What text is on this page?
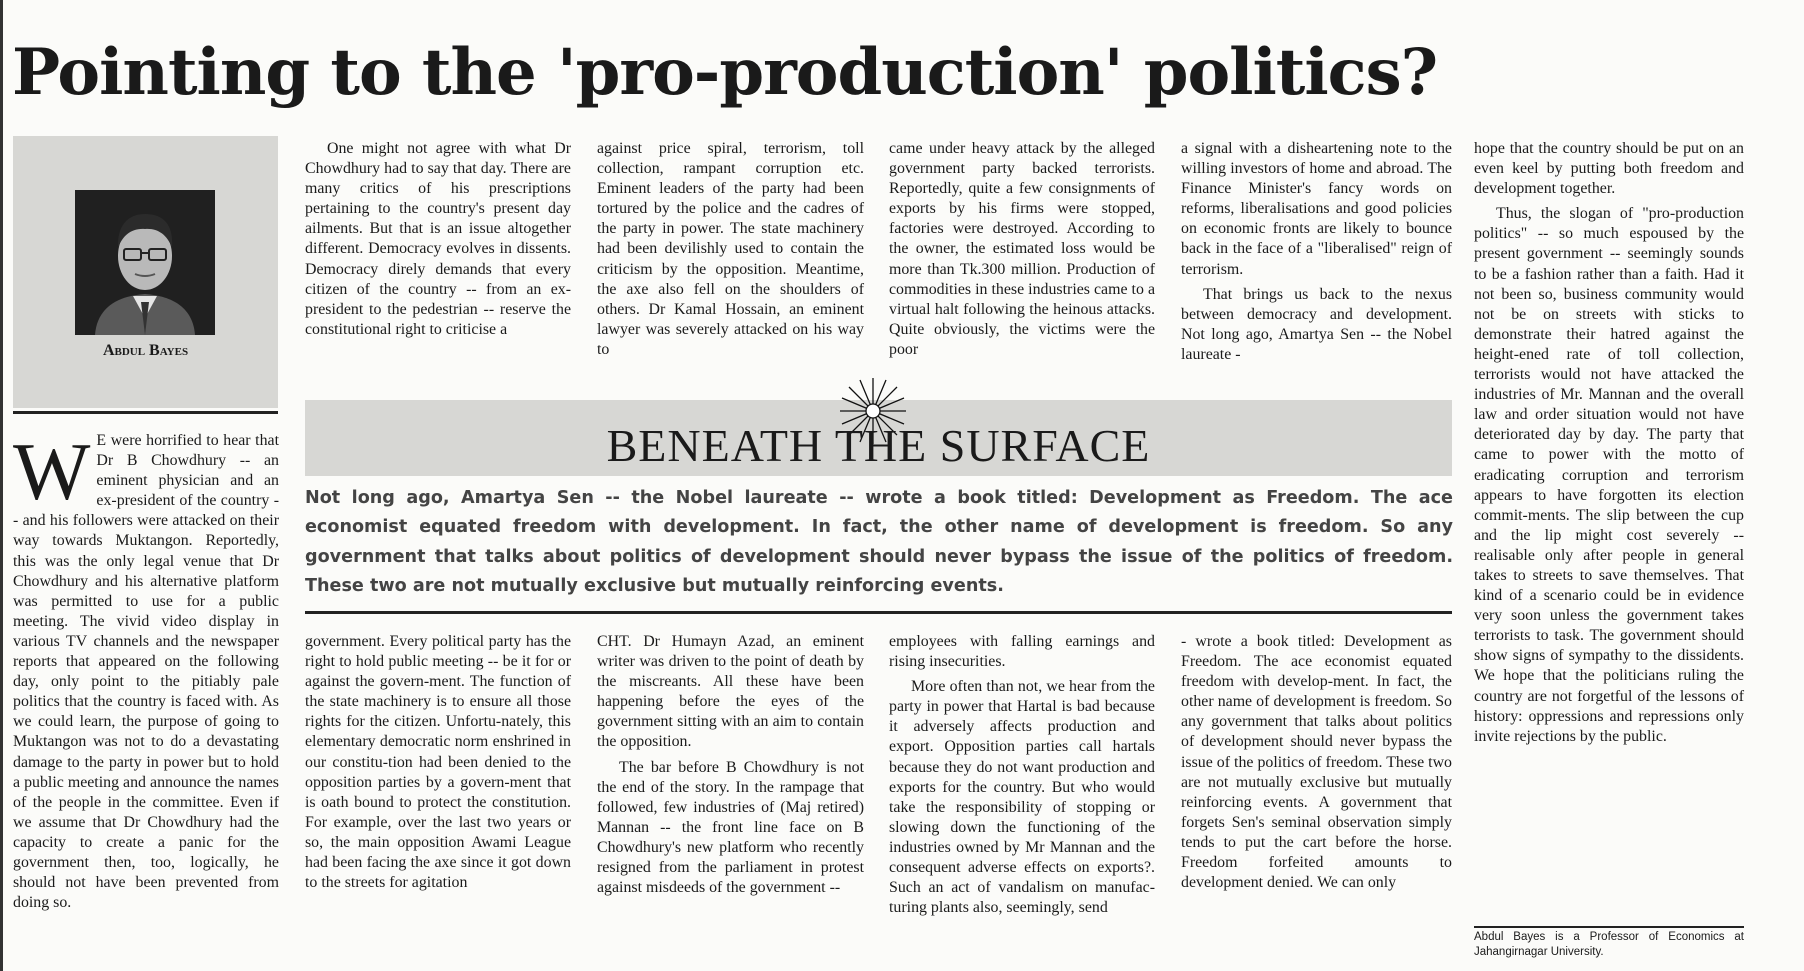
Pointing to the 'pro-production' politics?
Abdul Bayes
W E were horrified to hear that Dr B Chowdhury -- an eminent physician and an ex-president of the country -- and his followers were attacked on their way towards Muktangon. Reportedly, this was the only legal venue that Dr Chowdhury and his alternative platform was permitted to use for a public meeting. The vivid video display in various TV channels and the newspaper reports that appeared on the following day, only point to the pitiably pale politics that the country is faced with. As we could learn, the purpose of going to Muktangon was not to do a devastating damage to the party in power but to hold a public meeting and announce the names of the people in the committee. Even if we assume that Dr Chowdhury had the capacity to create a panic for the government then, too, logically, he should not have been prevented from doing so.

One might not agree with what Dr Chowdhury had to say that day. There are many critics of his prescriptions pertaining to the country's present day ailments. But that is an issue altogether different. Democracy evolves in dissents. Democracy direly demands that every citizen of the country -- from an ex-president to the pedestrian -- reserve the constitutional right to criticise a

against price spiral, terrorism, toll collection, rampant corruption etc. Eminent leaders of the party had been tortured by the police and the cadres of the party in power. The state machinery had been devilishly used to contain the criticism by the opposition. Meantime, the axe also fell on the shoulders of others. Dr Kamal Hossain, an eminent lawyer was severely attacked on his way to

came under heavy attack by the alleged government party backed terrorists. Reportedly, quite a few consignments of exports by his firms were stopped, factories were destroyed. According to the owner, the estimated loss would be more than Tk.300 million. Production of commodities in these industries came to a virtual halt following the heinous attacks. Quite obviously, the victims were the poor

a signal with a disheartening note to the willing investors of home and abroad. The Finance Minister's fancy words on reforms, liberalisations and good policies on economic fronts are likely to bounce back in the face of a "liberalised" reign of terrorism.

That brings us back to the nexus between democracy and development. Not long ago, Amartya Sen -- the Nobel laureate -

BENEATH THE SURFACE

Not long ago, Amartya Sen -- the Nobel laureate -- wrote a book titled: Development as Freedom. The ace economist equated freedom with development. In fact, the other name of development is freedom. So any government that talks about politics of development should never bypass the issue of the politics of freedom. These two are not mutually exclusive but mutually reinforcing events.

government. Every political party has the right to hold public meeting -- be it for or against the govern-ment. The function of the state machinery is to ensure all those rights for the citizen. Unfortu-nately, this elementary democratic norm enshrined in our constitu-tion had been denied to the opposition parties by a govern-ment that is oath bound to protect the constitution. For example, over the last two years or so, the main opposition Awami League had been facing the axe since it got down to the streets for agitation

CHT. Dr Humayn Azad, an eminent writer was driven to the point of death by the miscreants. All these have been happening before the eyes of the government sitting with an aim to contain the opposition.

The bar before B Chowdhury is not the end of the story. In the rampage that followed, few industries of (Maj retired) Mannan -- the front line face on B Chowdhury's new platform who recently resigned from the parliament in protest against misdeeds of the government --

employees with falling earnings and rising insecurities.

More often than not, we hear from the party in power that Hartal is bad because it adversely affects production and export. Opposition parties call hartals because they do not want production and exports for the country. But who would take the responsibility of stopping or slowing down the functioning of the industries owned by Mr Mannan and the consequent adverse effects on exports?. Such an act of vandalism on manufac-turing plants also, seemingly, send

- wrote a book titled: Development as Freedom. The ace economist equated freedom with develop-ment. In fact, the other name of development is freedom. So any government that talks about politics of development should never bypass the issue of the politics of freedom. These two are not mutually exclusive but mutually reinforcing events. A government that forgets Sen's seminal observation simply tends to put the cart before the horse. Freedom forfeited amounts to development denied. We can only

hope that the country should be put on an even keel by putting both freedom and development together.

Thus, the slogan of "pro-production politics" -- so much espoused by the present government -- seemingly sounds to be a fashion rather than a faith. Had it not been so, business community would not be on streets with sticks to demonstrate their hatred against the height-ened rate of toll collection, terrorists would not have attacked the industries of Mr. Mannan and the overall law and order situation would not have deteriorated day by day. The party that came to power with the motto of eradicating corruption and terrorism appears to have forgotten its election commit-ments. The slip between the cup and the lip might cost severely -- realisable only after people in general takes to streets to save themselves. That kind of a scenario could be in evidence very soon unless the government takes terrorists to task. The government should show signs of sympathy to the dissidents. We hope that the politicians ruling the country are not forgetful of the lessons of history: oppressions and repressions only invite rejections by the public.

Abdul Bayes is a Professor of Economics at Jahangirnagar University.
